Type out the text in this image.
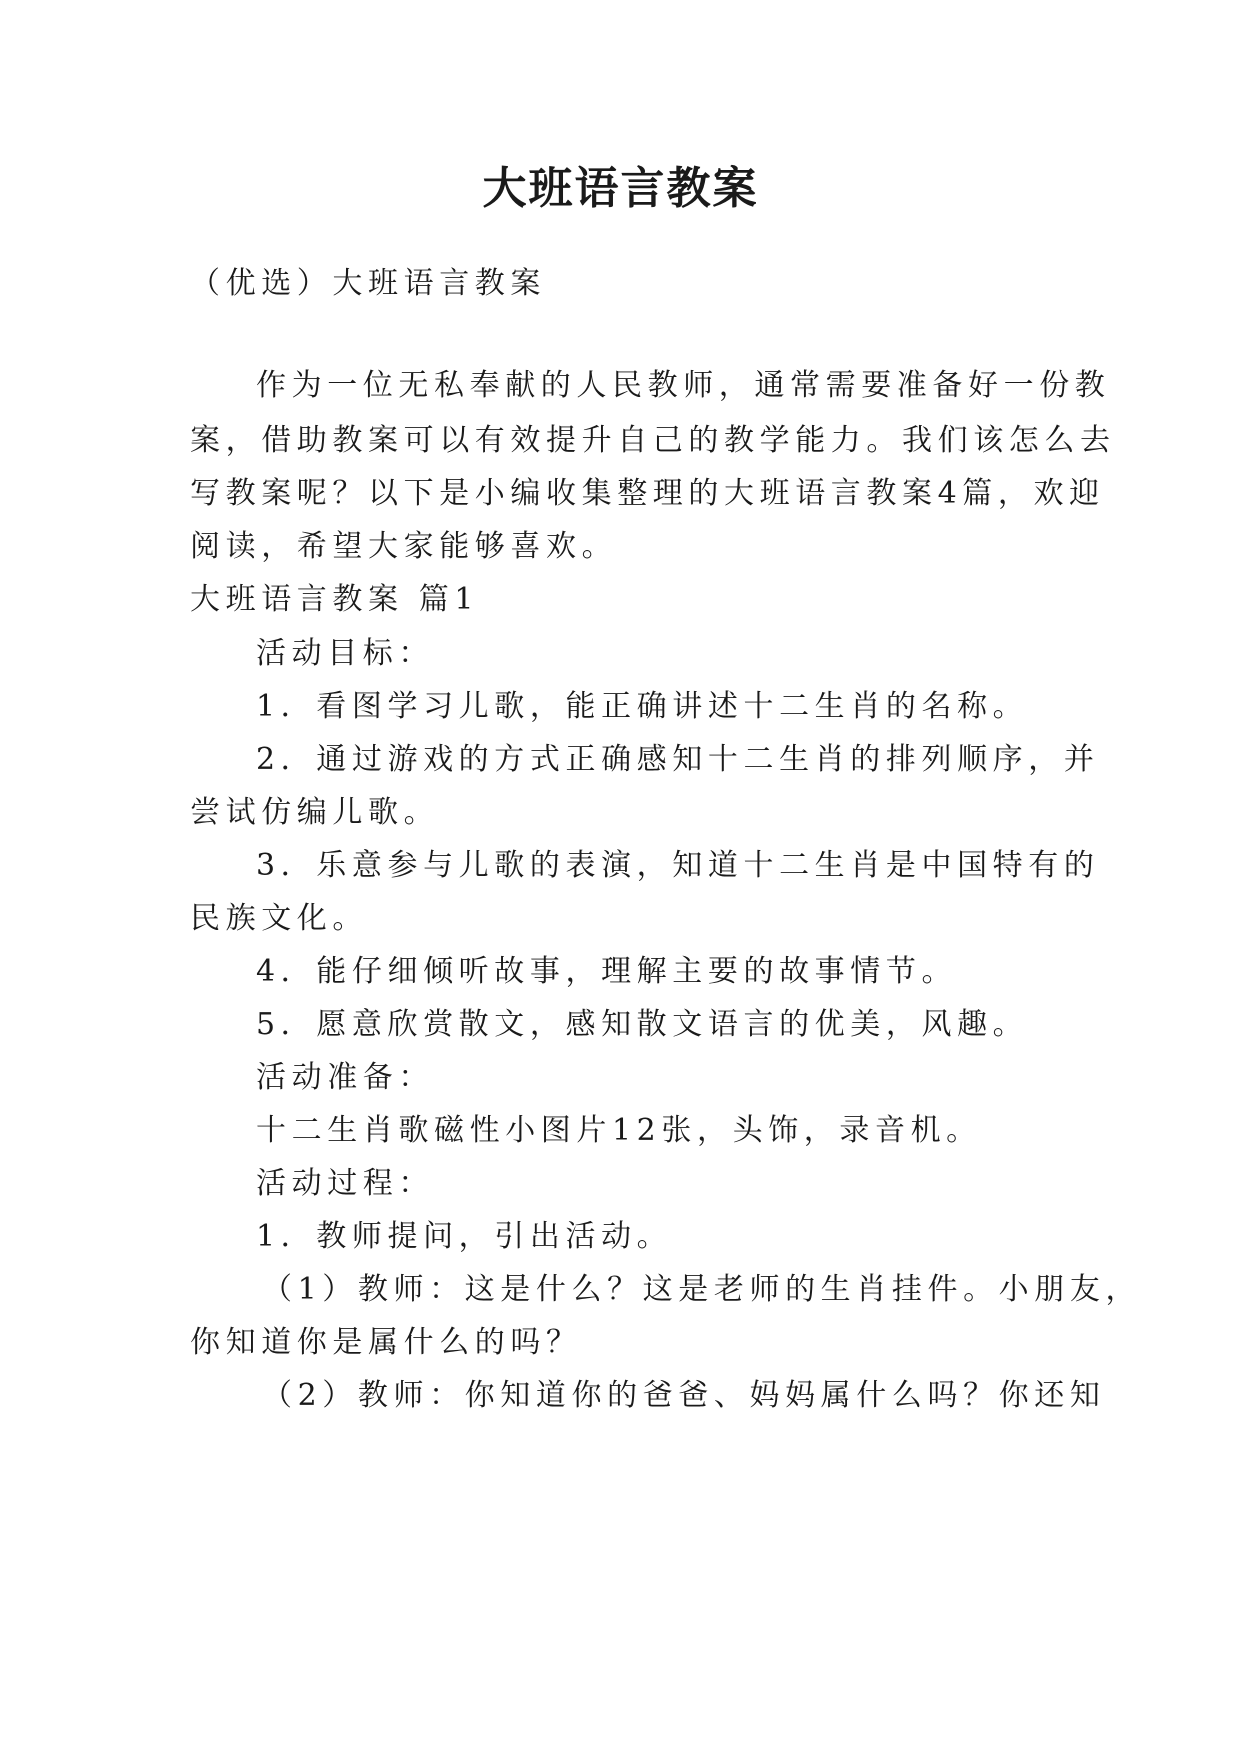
大班语言教案
（优选）大班语言教案
作为一位无私奉献的人民教师，通常需要准备好一份教
案，借助教案可以有效提升自己的教学能力。我们该怎么去
写教案呢？以下是小编收集整理的大班语言教案4篇，欢迎
阅读，希望大家能够喜欢。
大班语言教案 篇1
活动目标：
1．看图学习儿歌，能正确讲述十二生肖的名称。
2．通过游戏的方式正确感知十二生肖的排列顺序，并
尝试仿编儿歌。
3．乐意参与儿歌的表演，知道十二生肖是中国特有的
民族文化。
4．能仔细倾听故事，理解主要的故事情节。
5．愿意欣赏散文，感知散文语言的优美，风趣。
活动准备：
十二生肖歌磁性小图片12张，头饰，录音机。
活动过程：
1．教师提问，引出活动。
（1）教师：这是什么？这是老师的生肖挂件。小朋友，
你知道你是属什么的吗？
（2）教师：你知道你的爸爸、妈妈属什么吗？你还知
